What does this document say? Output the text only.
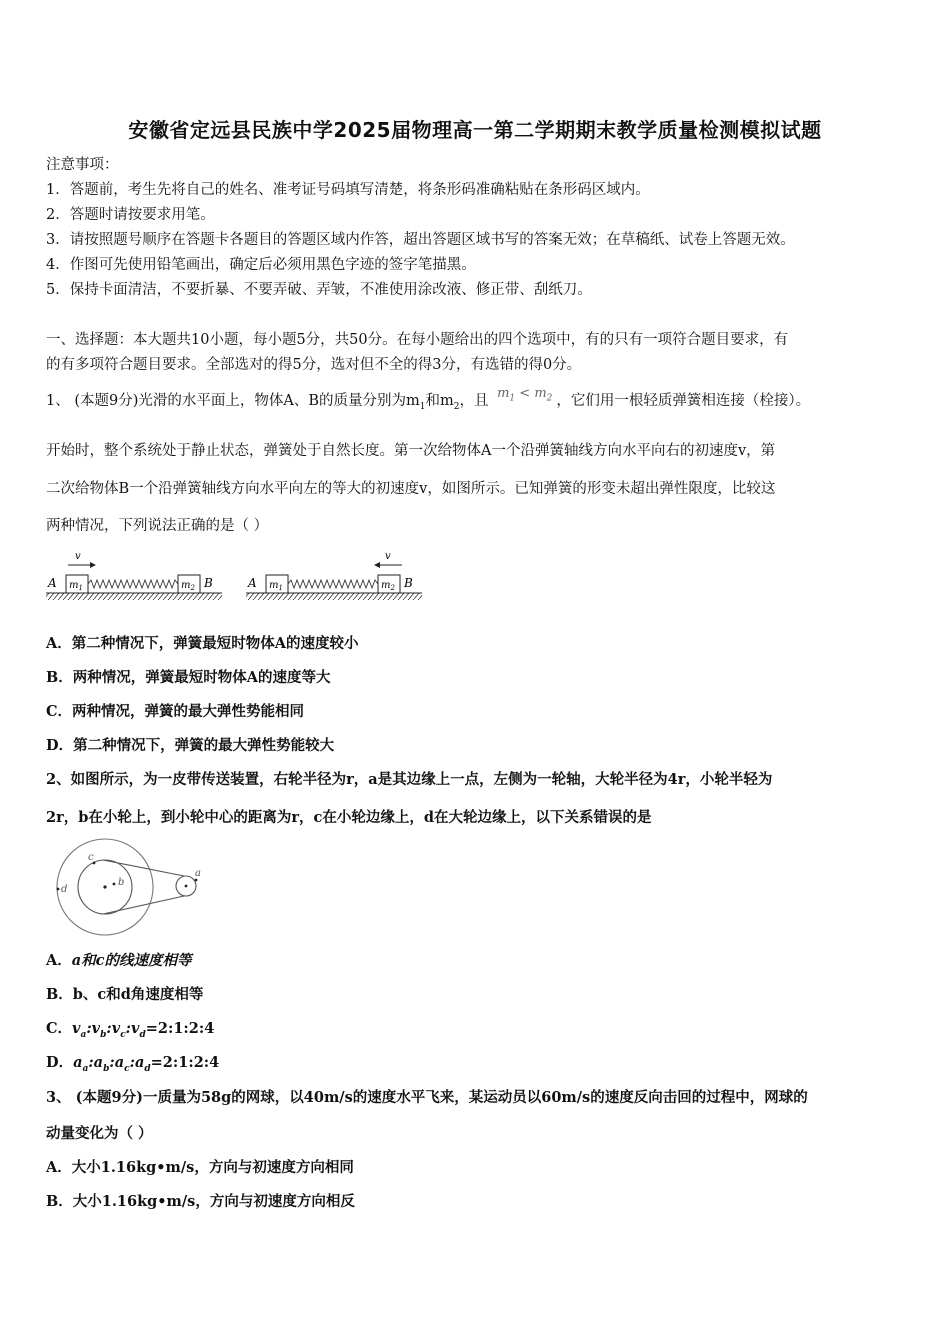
安徽省定远县民族中学2025届物理高一第二学期期末教学质量检测模拟试题
注意事项：
1．答题前，考生先将自己的姓名、准考证号码填写清楚，将条形码准确粘贴在条形码区域内。
2．答题时请按要求用笔。
3．请按照题号顺序在答题卡各题目的答题区域内作答，超出答题区域书写的答案无效；在草稿纸、试卷上答题无效。
4．作图可先使用铅笔画出，确定后必须用黑色字迹的签字笔描黑。
5．保持卡面清洁，不要折暴、不要弄破、弄皱，不准使用涂改液、修正带、刮纸刀。
一、选择题：本大题共10小题，每小题5分，共50分。在每小题给出的四个选项中，有的只有一项符合题目要求，有
的有多项符合题目要求。全部选对的得5分，选对但不全的得3分，有选错的得0分。
1、 (本题9分)光滑的水平面上，物体A、B的质量分别为$m_1$和$m_2$，且 $m_1 < m_2$ ，它们用一根轻质弹簧相连接（栓接）。
开始时，整个系统处于静止状态，弹簧处于自然长度。第一次给物体A一个沿弹簧轴线方向水平向右的初速度v，第
二次给物体B一个沿弹簧轴线方向水平向左的等大的初速度v，如图所示。已知弹簧的形变未超出弹性限度，比较这
两种情况，下列说法正确的是（ ）
A $m_1$	$m_2$ B
v
A $m_1$	$m_2$ B
v
A．第二种情况下，弹簧最短时物体A的速度较小
B．两种情况，弹簧最短时物体A的速度等大
C．两种情况，弹簧的最大弹性势能相同
D．第二种情况下，弹簧的最大弹性势能较大
2、如图所示，为一皮带传送装置，右轮半径为r，a是其边缘上一点，左侧为一轮轴，大轮半径为4r，小轮半轻为
2r，b在小轮上，到小轮中心的距离为r，c在小轮边缘上，d在大轮边缘上，以下关系错误的是
c
b
d
a
A．a和c的线速度相等
B．b、c和d角速度相等
C．$v_a:v_b:v_c:v_d=2:1:2:4$
D．$a_a:a_b:a_c:a_d=2:1:2:4$
3、 (本题9分)一质量为58g的网球，以40m/s的速度水平飞来，某运动员以60m/s的速度反向击回的过程中，网球的
动量变化为（ ）
A．大小1.16kg•m/s，方向与初速度方向相同
B．大小1.16kg•m/s，方向与初速度方向相反
